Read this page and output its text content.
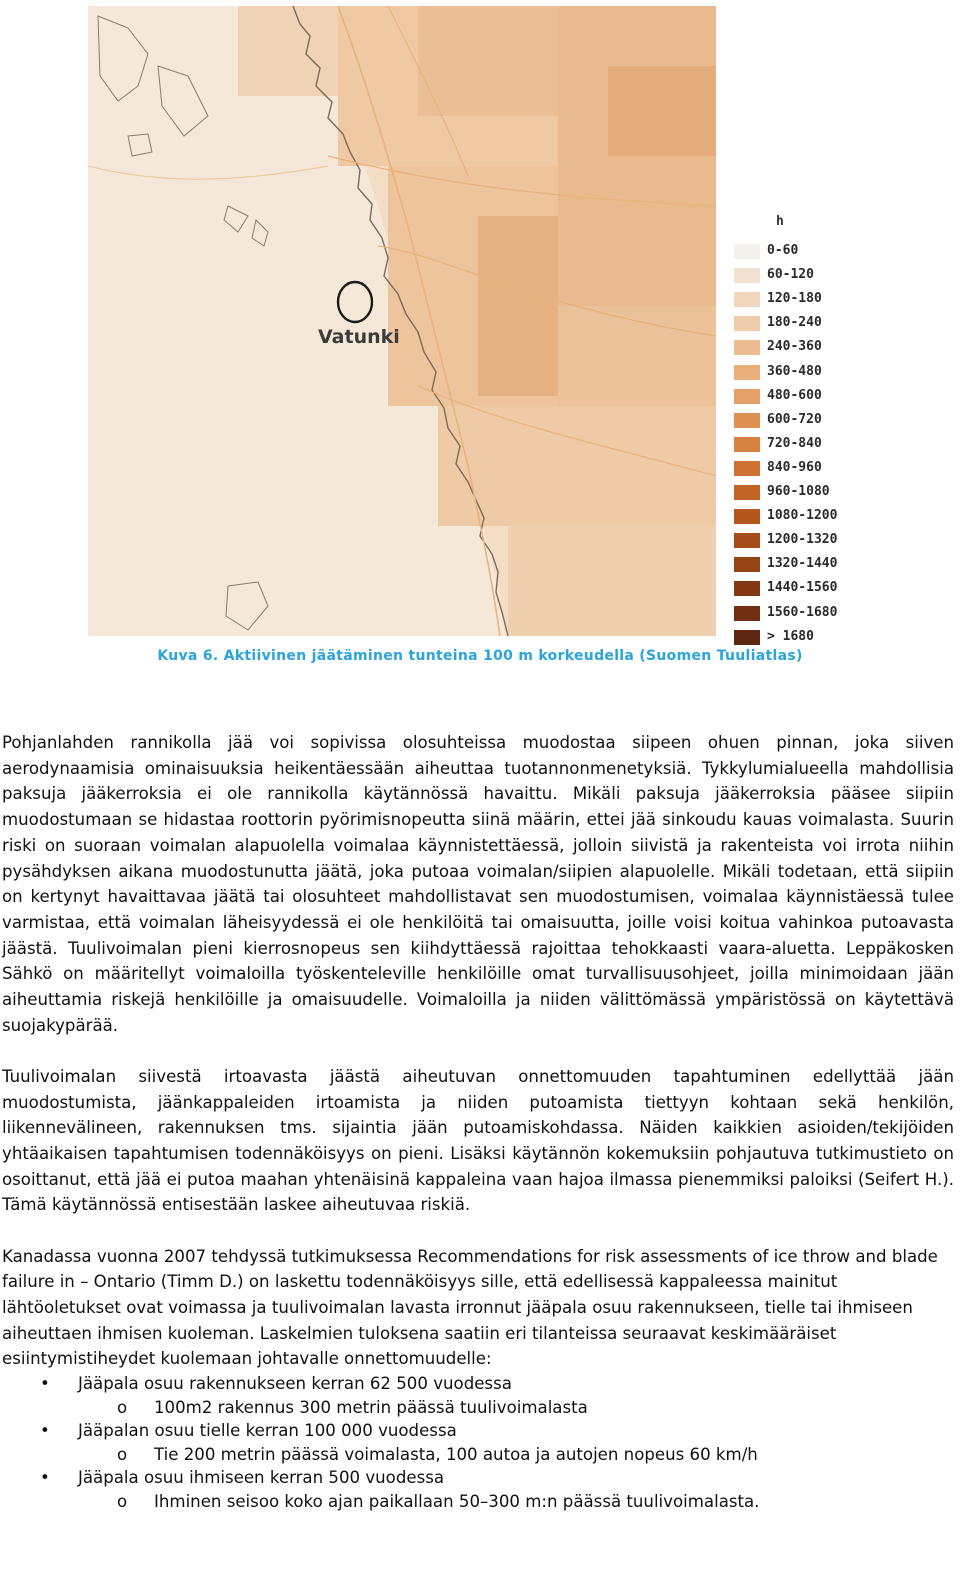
Vatunki
h
0-60
60-120
120-180
180-240
240-360
360-480
480-600
600-720
720-840
840-960
960-1080
1080-1200
1200-1320
1320-1440
1440-1560
1560-1680
> 1680
Kuva 6. Aktiivinen jäätäminen tunteina 100 m korkeudella (Suomen Tuuliatlas)

Pohjanlahden rannikolla jää voi sopivissa olosuhteissa muodostaa siipeen ohuen pinnan, joka siiven aerodynaamisia ominaisuuksia heikentäessään aiheuttaa tuotannonmenetyksiä. Tykkylumialueella mahdollisia paksuja jääkerroksia ei ole rannikolla käytännössä havaittu. Mikäli paksuja jääkerroksia pääsee siipiin muodostumaan se hidastaa roottorin pyörimisnopeutta siinä määrin, ettei jää sinkoudu kauas voimalasta. Suurin riski on suoraan voimalan alapuolella voimalaa käynnistettäessä, jolloin siivistä ja rakenteista voi irrota niihin pysähdyksen aikana muodostunutta jäätä, joka putoaa voimalan/siipien alapuolelle. Mikäli todetaan, että siipiin on kertynyt havaittavaa jäätä tai olosuhteet mahdollistavat sen muodostumisen, voimalaa käynnistäessä tulee varmistaa, että voimalan läheisyydessä ei ole henkilöitä tai omaisuutta, joille voisi koitua vahinkoa putoavasta jäästä. Tuulivoimalan pieni kierrosnopeus sen kiihdyttäessä rajoittaa tehokkaasti vaara-aluetta. Leppäkosken Sähkö on määritellyt voimaloilla työskenteleville henkilöille omat turvallisuusohjeet, joilla minimoidaan jään aiheuttamia riskejä henkilöille ja omaisuudelle. Voimaloilla ja niiden välittömässä ympäristössä on käytettävä suojakypärää.

Tuulivoimalan siivestä irtoavasta jäästä aiheutuvan onnettomuuden tapahtuminen edellyttää jään muodostumista, jäänkappaleiden irtoamista ja niiden putoamista tiettyyn kohtaan sekä henkilön, liikennevälineen, rakennuksen tms. sijaintia jään putoamiskohdassa. Näiden kaikkien asioiden/tekijöiden yhtäaikaisen tapahtumisen todennäköisyys on pieni. Lisäksi käytännön kokemuksiin pohjautuva tutkimustieto on osoittanut, että jää ei putoa maahan yhtenäisinä kappaleina vaan hajoa ilmassa pienemmiksi paloiksi (Seifert H.). Tämä käytännössä entisestään laskee aiheutuvaa riskiä.

Kanadassa vuonna 2007 tehdyssä tutkimuksessa Recommendations for risk assessments of ice throw and blade failure in – Ontario (Timm D.) on laskettu todennäköisyys sille, että edellisessä kappaleessa mainitut lähtöoletukset ovat voimassa ja tuulivoimalan lavasta irronnut jääpala osuu rakennukseen, tielle tai ihmiseen aiheuttaen ihmisen kuoleman. Laskelmien tuloksena saatiin eri tilanteissa seuraavat keskimääräiset esiintymistiheydet kuolemaan johtavalle onnettomuudelle:

• Jääpala osuu rakennukseen kerran 62 500 vuodessa
o 100m2 rakennus 300 metrin päässä tuulivoimalasta
• Jääpalan osuu tielle kerran 100 000 vuodessa
o Tie 200 metrin päässä voimalasta, 100 autoa ja autojen nopeus 60 km/h
• Jääpala osuu ihmiseen kerran 500 vuodessa
o Ihminen seisoo koko ajan paikallaan 50–300 m:n päässä tuulivoimalasta.
